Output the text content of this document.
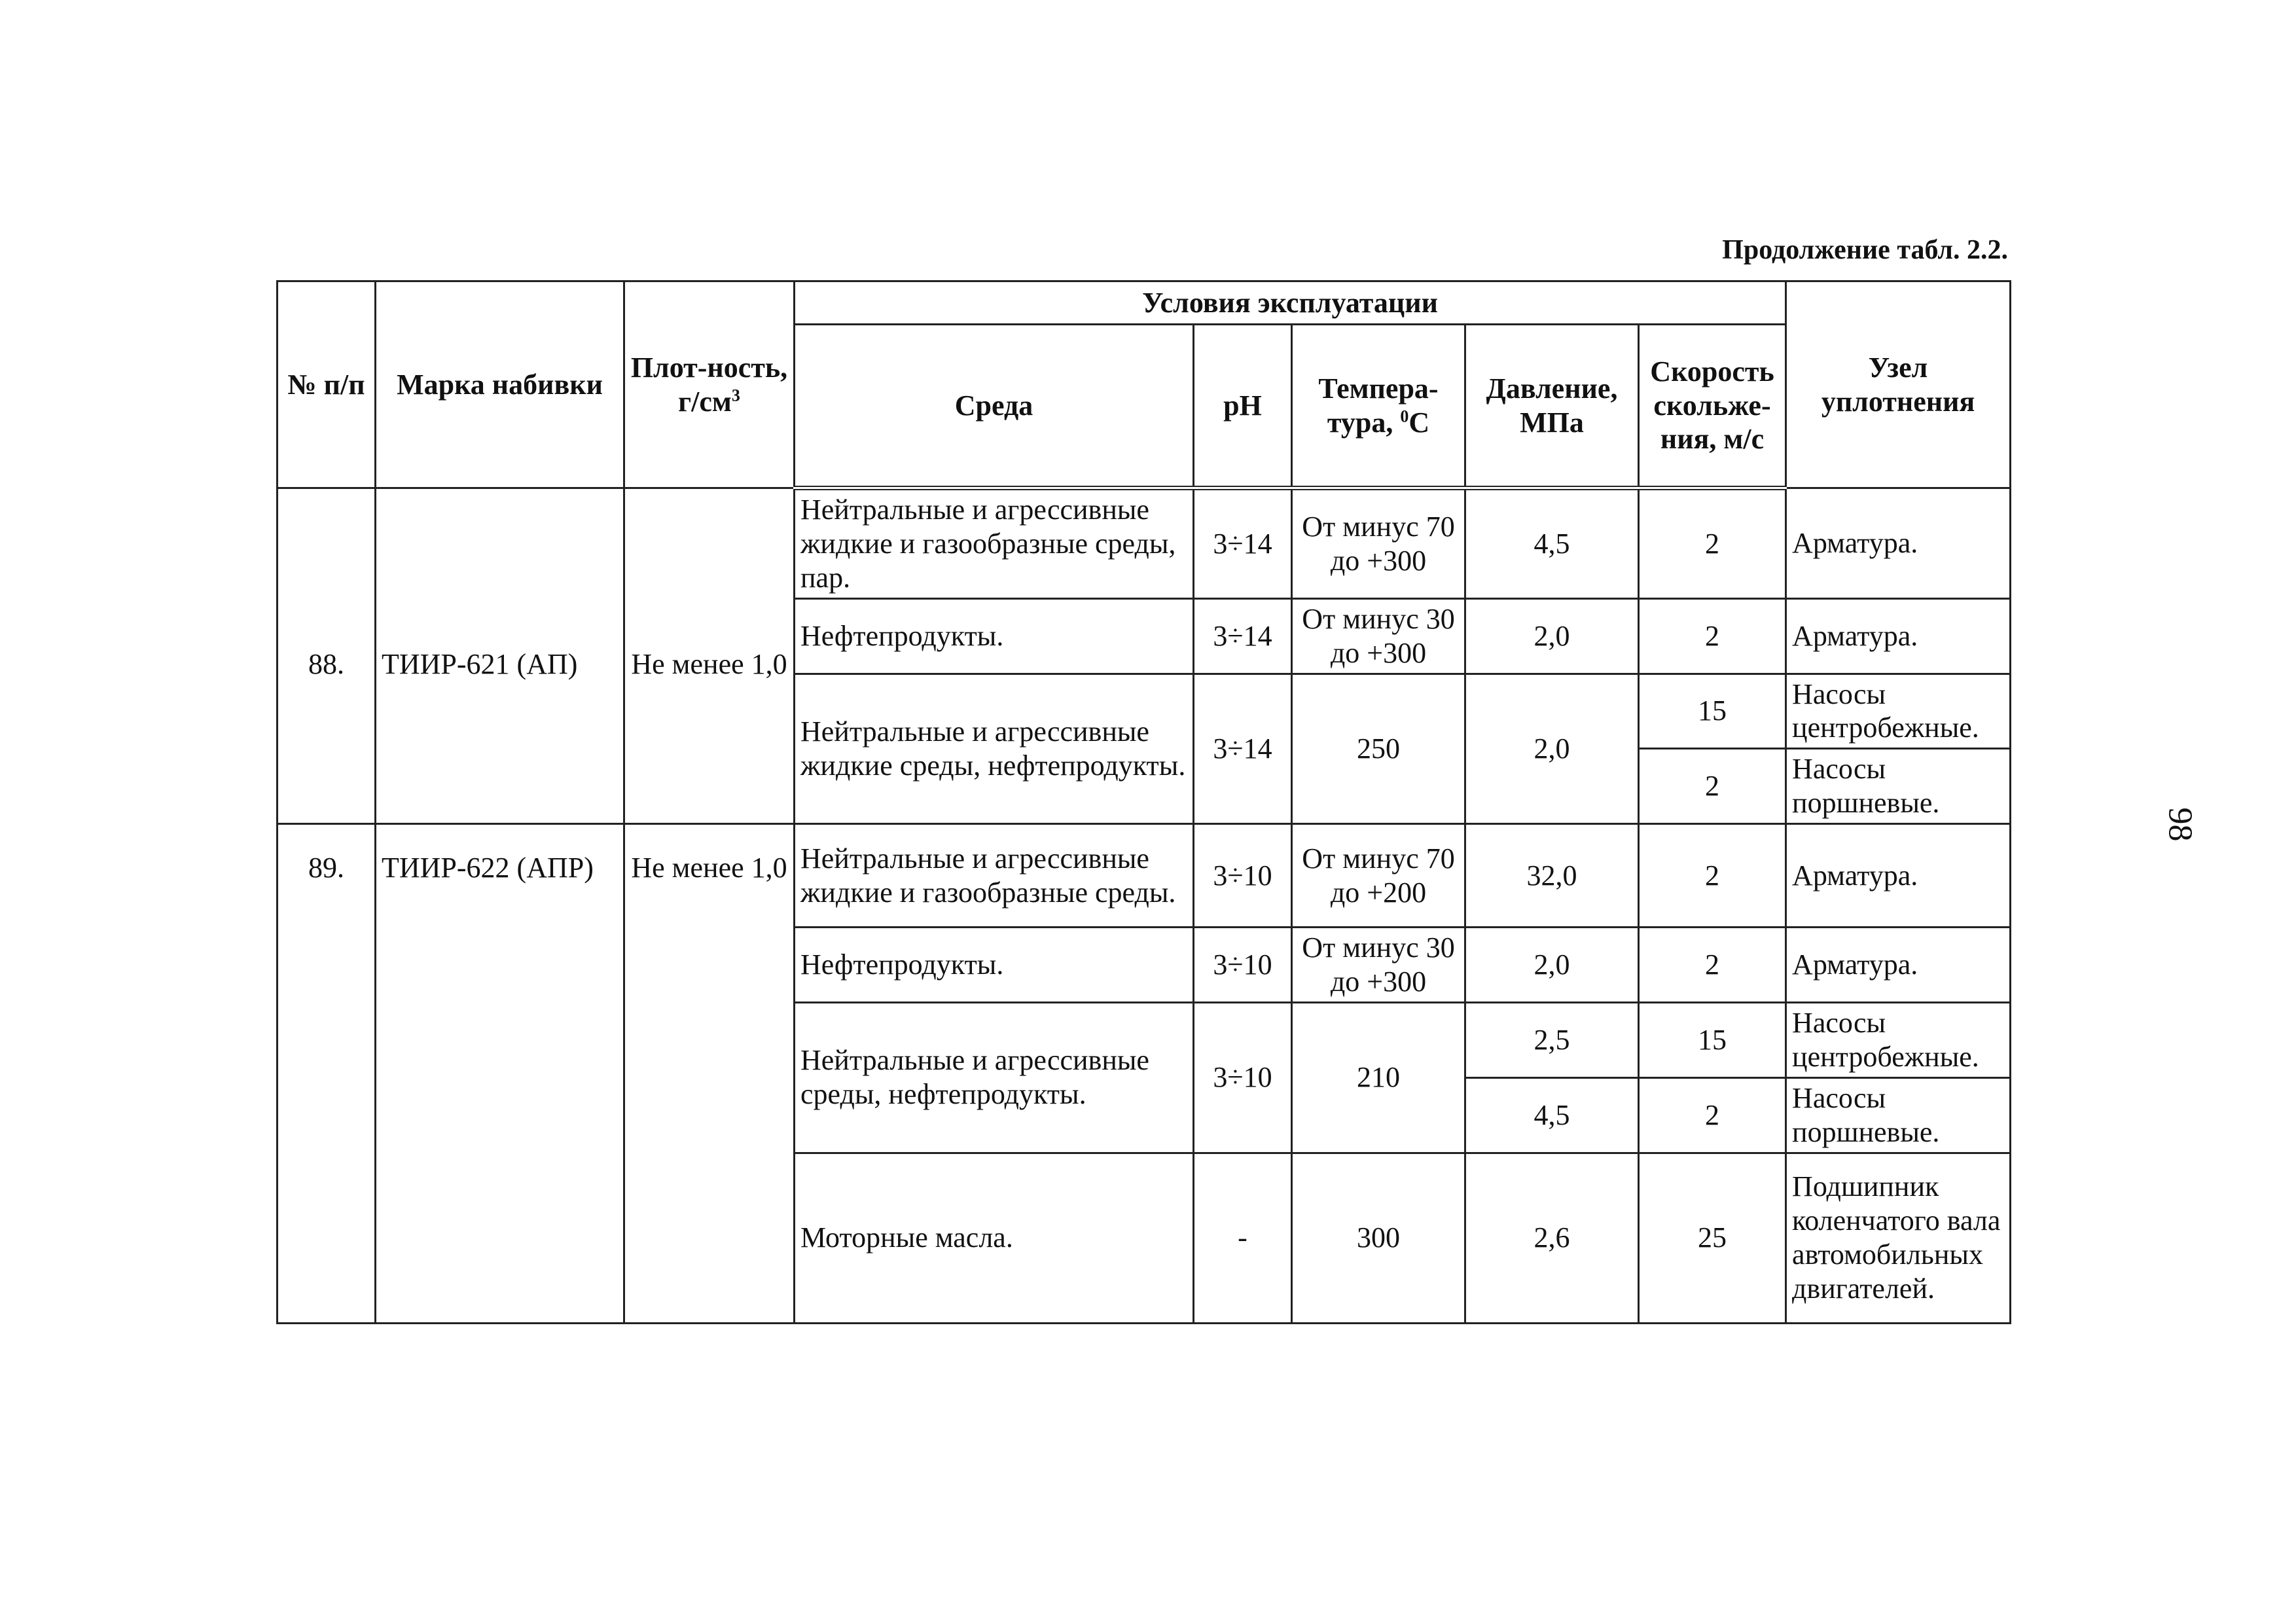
Продолжение табл. 2.2.
98
№ п/п	Марка набивки	Плот-ность, $г/см^3$	Условия эксплуатации					Узел уплотнения
			Среда	pH	Темпера-тура, $^0$С	Давление, МПа	Скорость скольже-ния, м/с	
88.	ТИИР-621 (АП)	Не менее 1,0	Нейтральные и агрессивные жидкие и газообразные среды, пар.	3÷14	От минус 70 до +300	4,5	2	Арматура.
			Нефтепродукты.	3÷14	От минус 30 до +300	2,0	2	Арматура.
			Нейтральные и агрессивные жидкие среды, нефтепродукты.	3÷14	250	2,0	15	Насосы центробежные.
							2	Насосы поршневые.
89.	ТИИР-622 (АПР)	Не менее 1,0	Нейтральные и агрессивные жидкие и газообразные среды.	3÷10	От минус 70 до +200	32,0	2	Арматура.
			Нефтепродукты.	3÷10	От минус 30 до +300	2,0	2	Арматура.
			Нейтральные и агрессивные среды, нефтепродукты.	3÷10	210	2,5	15	Насосы центробежные.
						4,5	2	Насосы поршневые.
			Моторные масла.	-	300	2,6	25	Подшипник коленчатого вала автомобильных двигателей.
